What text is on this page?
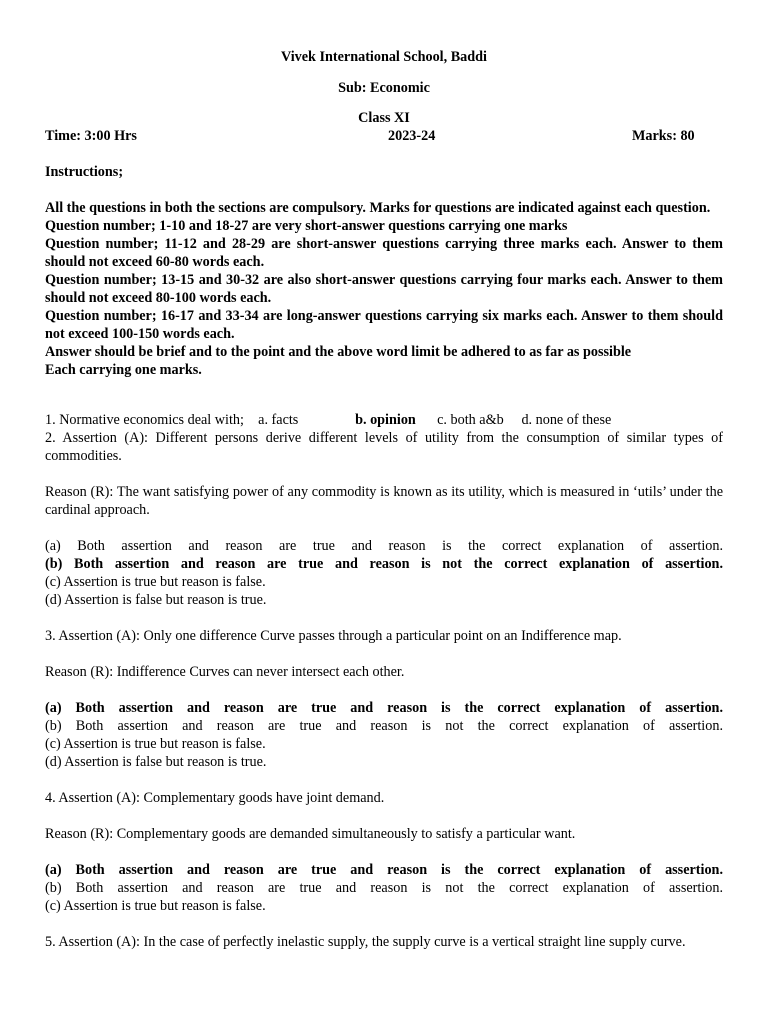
Vivek International School, Baddi
Sub: Economic
Class XI
Time: 3:00 Hrs	2023-24	Marks: 80
Instructions;
All the questions in both the sections are compulsory. Marks for questions are indicated against each question.
Question number; 1-10 and 18-27 are very short-answer questions carrying one marks
Question number; 11-12 and 28-29 are short-answer questions carrying three marks each. Answer to them should not exceed 60-80 words each.
Question number; 13-15 and 30-32 are also short-answer questions carrying four marks each. Answer to them should not exceed 80-100 words each.
Question number; 16-17 and 33-34 are long-answer questions carrying six marks each. Answer to them should not exceed 100-150 words each.
Answer should be brief and to the point and the above word limit be adhered to as far as possible
Each carrying one marks.
1. Normative economics deal with; a. facts	b. opinion c. both a&b d. none of these
2. Assertion (A): Different persons derive different levels of utility from the consumption of similar types of commodities.
Reason (R): The want satisfying power of any commodity is known as its utility, which is measured in ‘utils’ under the cardinal approach.
(a) Both assertion and reason are true and reason is the correct explanation of assertion.
(b) Both assertion and reason are true and reason is not the correct explanation of assertion.
(c) Assertion is true but reason is false.
(d) Assertion is false but reason is true.
3. Assertion (A): Only one difference Curve passes through a particular point on an Indifference map.
Reason (R): Indifference Curves can never intersect each other.
(a) Both assertion and reason are true and reason is the correct explanation of assertion.
(b) Both assertion and reason are true and reason is not the correct explanation of assertion.
(c) Assertion is true but reason is false.
(d) Assertion is false but reason is true.
4. Assertion (A): Complementary goods have joint demand.
Reason (R): Complementary goods are demanded simultaneously to satisfy a particular want.
(a) Both assertion and reason are true and reason is the correct explanation of assertion.
(b) Both assertion and reason are true and reason is not the correct explanation of assertion.
(c) Assertion is true but reason is false.
5. Assertion (A): In the case of perfectly inelastic supply, the supply curve is a vertical straight line supply curve.
